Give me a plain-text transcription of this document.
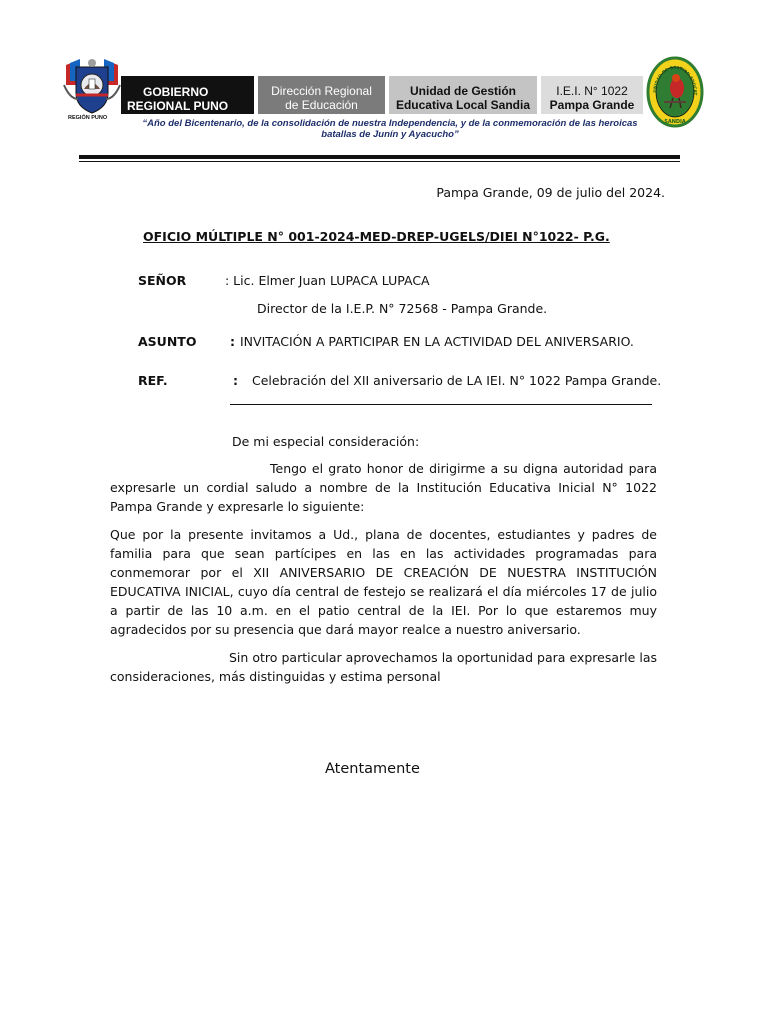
REGIÓN PUNO
GOBIERNO
REGIONAL PUNO
Dirección Regional
de Educación
Unidad de Gestión
Educativa Local Sandia
I.E.I. N° 1022
Pampa Grande
UNIDAD DE GESTION EDUCAT
SANDIA
“Año del Bicentenario, de la consolidación de nuestra Independencia, y de la conmemoración de las heroicas
batallas de Junín y Ayacucho”
Pampa Grande, 09 de julio del 2024.
OFICIO MÚLTIPLE N° 001-2024-MED-DREP-UGELS/DIEI N°1022- P.G.
SEÑOR	: Lic. Elmer Juan LUPACA LUPACA
Director de la I.E.P. N° 72568 - Pampa Grande.
ASUNTO	: INVITACIÓN A PARTICIPAR EN LA ACTIVIDAD DEL ANIVERSARIO.
REF.	: Celebración del XII aniversario de LA IEI. N° 1022 Pampa Grande.
De mi especial consideración:
Tengo el grato honor de dirigirme a su digna autoridad para expresarle un cordial saludo a nombre de la Institución Educativa Inicial N° 1022 Pampa Grande y expresarle lo siguiente:
Que por la presente invitamos a Ud., plana de docentes, estudiantes y padres de familia para que sean partícipes en las en las actividades programadas para conmemorar por el XII ANIVERSARIO DE CREACIÓN DE NUESTRA INSTITUCIÓN EDUCATIVA INICIAL, cuyo día central de festejo se realizará el día miércoles 17 de julio a partir de las 10 a.m. en el patio central de la IEI. Por lo que estaremos muy agradecidos por su presencia que dará mayor realce a nuestro aniversario.
Sin otro particular aprovechamos la oportunidad para expresarle las consideraciones, más distinguidas y estima personal
Atentamente
